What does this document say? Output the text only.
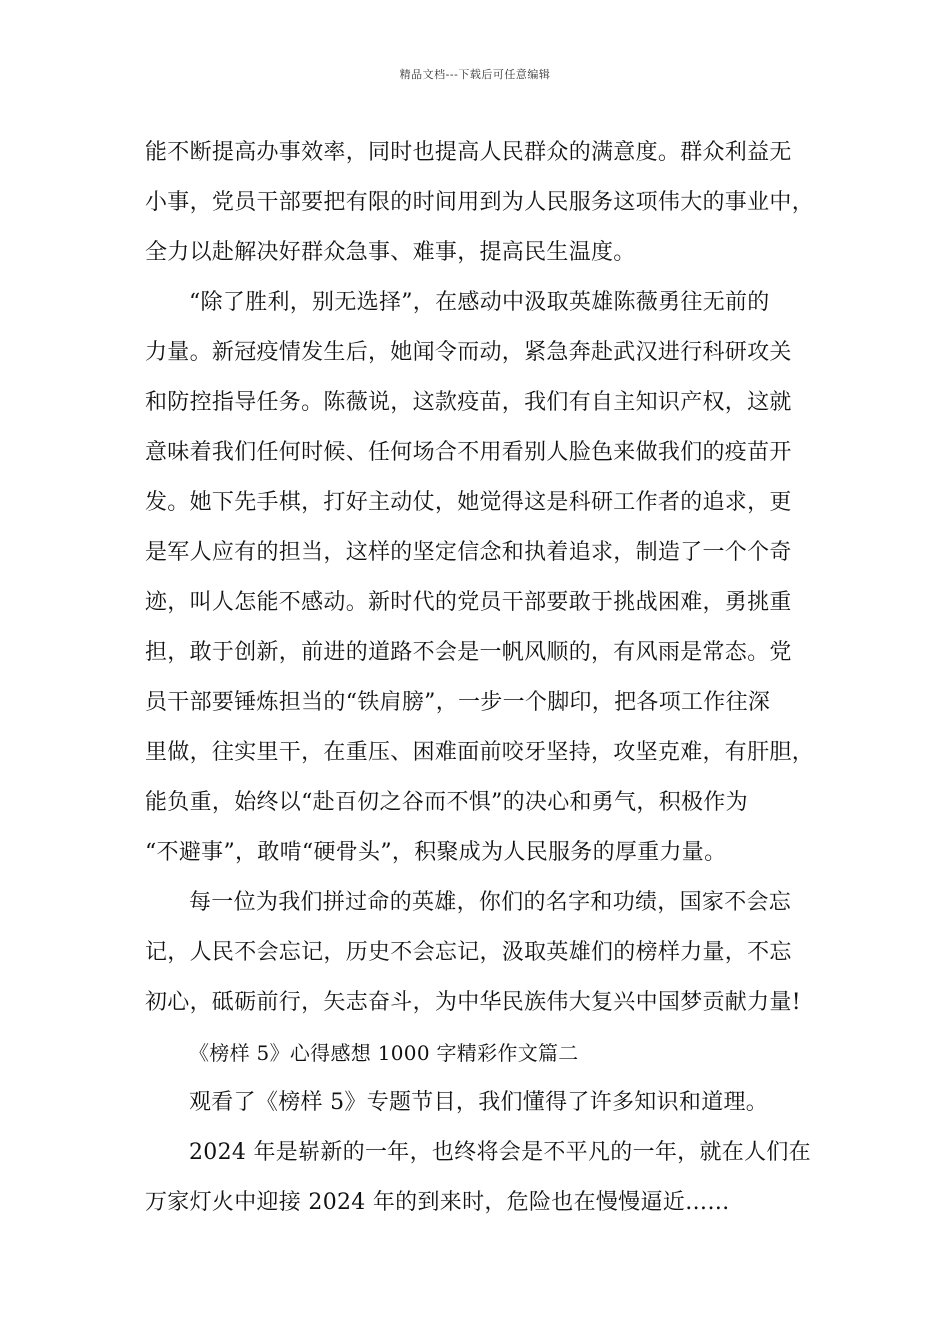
精品文档---下载后可任意编辑
能不断提高办事效率，同时也提高人民群众的满意度。群众利益无
小事，党员干部要把有限的时间用到为人民服务这项伟大的事业中，
全力以赴解决好群众急事、难事，提高民生温度。
“除了胜利，别无选择”，在感动中汲取英雄陈薇勇往无前的
力量。新冠疫情发生后，她闻令而动，紧急奔赴武汉进行科研攻关
和防控指导任务。陈薇说，这款疫苗，我们有自主知识产权，这就
意味着我们任何时候、任何场合不用看别人脸色来做我们的疫苗开
发。她下先手棋，打好主动仗，她觉得这是科研工作者的追求，更
是军人应有的担当，这样的坚定信念和执着追求，制造了一个个奇
迹，叫人怎能不感动。新时代的党员干部要敢于挑战困难，勇挑重
担，敢于创新，前进的道路不会是一帆风顺的，有风雨是常态。党
员干部要锤炼担当的“铁肩膀”，一步一个脚印，把各项工作往深
里做，往实里干，在重压、困难面前咬牙坚持，攻坚克难，有肝胆，
能负重，始终以“赴百仞之谷而不惧”的决心和勇气，积极作为
“不避事”，敢啃“硬骨头”，积聚成为人民服务的厚重力量。
每一位为我们拼过命的英雄，你们的名字和功绩，国家不会忘
记，人民不会忘记，历史不会忘记，汲取英雄们的榜样力量，不忘
初心，砥砺前行，矢志奋斗，为中华民族伟大复兴中国梦贡献力量!
《榜样 5》心得感想 1000 字精彩作文篇二
观看了《榜样 5》专题节目，我们懂得了许多知识和道理。
2024 年是崭新的一年，也终将会是不平凡的一年，就在人们在
万家灯火中迎接 2024 年的到来时，危险也在慢慢逼近……
